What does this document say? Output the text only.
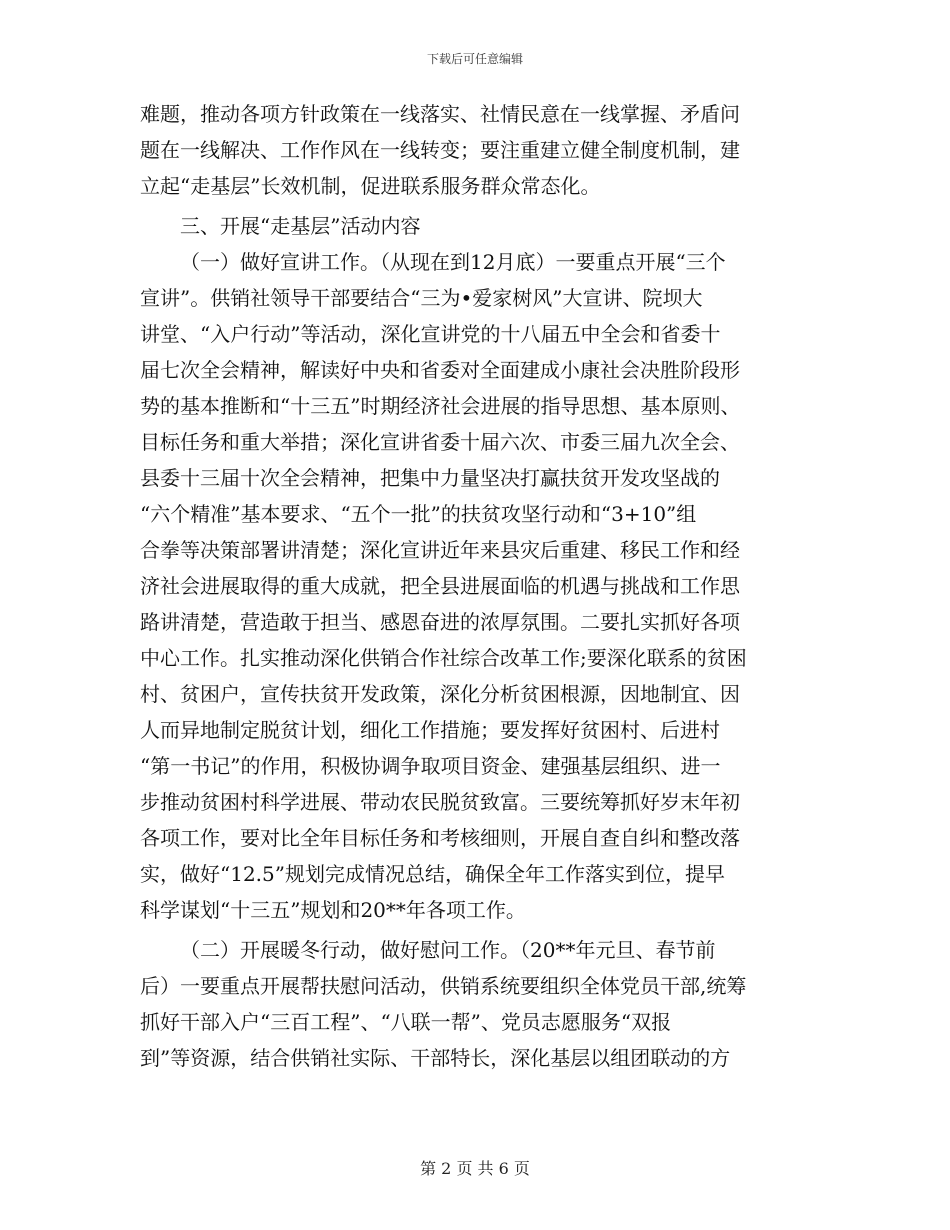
下载后可任意编辑
难题，推动各项方针政策在一线落实、社情民意在一线掌握、矛盾问
题在一线解决、工作作风在一线转变；要注重建立健全制度机制，建
立起“走基层”长效机制，促进联系服务群众常态化。
三、开展“走基层”活动内容
（一）做好宣讲工作。（从现在到12月底）一要重点开展“三个
宣讲”。供销社领导干部要结合“三为•爱家树风”大宣讲、院坝大
讲堂、“入户行动”等活动，深化宣讲党的十八届五中全会和省委十
届七次全会精神，解读好中央和省委对全面建成小康社会决胜阶段形
势的基本推断和“十三五”时期经济社会进展的指导思想、基本原则、
目标任务和重大举措；深化宣讲省委十届六次、市委三届九次全会、
县委十三届十次全会精神，把集中力量坚决打赢扶贫开发攻坚战的
“六个精准”基本要求、“五个一批”的扶贫攻坚行动和“3+10”组
合拳等决策部署讲清楚；深化宣讲近年来县灾后重建、移民工作和经
济社会进展取得的重大成就，把全县进展面临的机遇与挑战和工作思
路讲清楚，营造敢于担当、感恩奋进的浓厚氛围。二要扎实抓好各项
中心工作。扎实推动深化供销合作社综合改革工作;要深化联系的贫困
村、贫困户，宣传扶贫开发政策，深化分析贫困根源，因地制宜、因
人而异地制定脱贫计划，细化工作措施；要发挥好贫困村、后进村
“第一书记”的作用，积极协调争取项目资金、建强基层组织、进一
步推动贫困村科学进展、带动农民脱贫致富。三要统筹抓好岁末年初
各项工作，要对比全年目标任务和考核细则，开展自查自纠和整改落
实，做好“12.5”规划完成情况总结，确保全年工作落实到位，提早
科学谋划“十三五”规划和20**年各项工作。
（二）开展暖冬行动，做好慰问工作。（20**年元旦、春节前
后）一要重点开展帮扶慰问活动，供销系统要组织全体党员干部,统筹
抓好干部入户“三百工程”、“八联一帮”、党员志愿服务“双报
到”等资源，结合供销社实际、干部特长，深化基层以组团联动的方
第 2 页 共 6 页
